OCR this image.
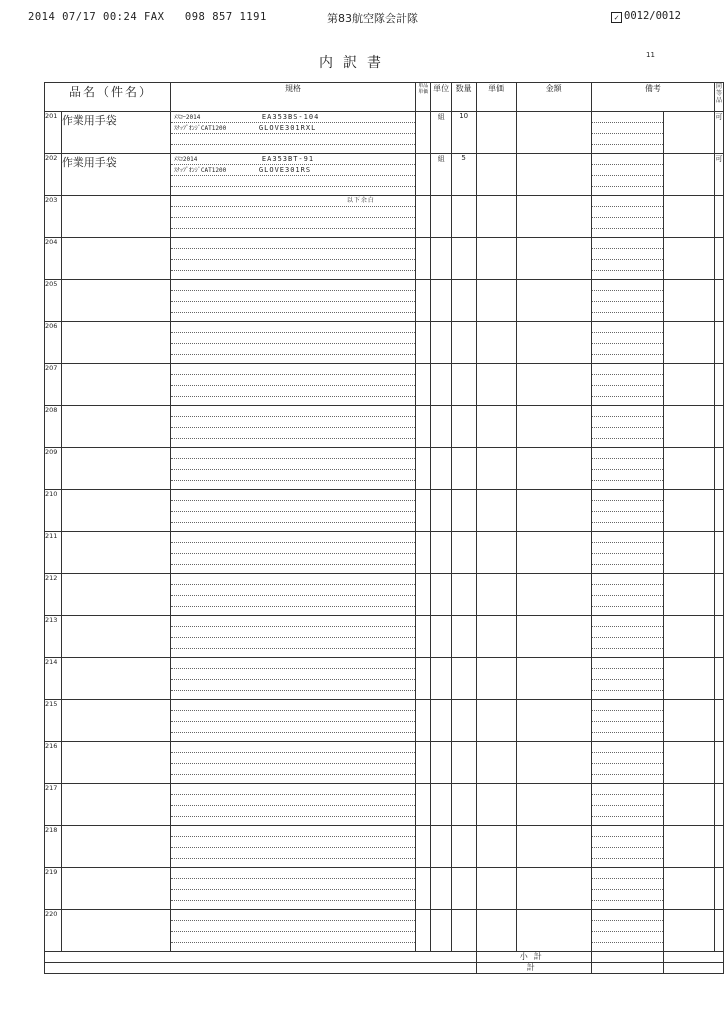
2014 07/17 00:24 FAX 098 857 1191	第83航空隊会計隊	✓ 0012/0012
内訳書	11
品名（件名）		規格	単品単価	単位	数量	単価	金額	備考		同等品
201	作業用手袋	ﾒｽｺｰ2014 EA353BS-104
ｽﾅｯﾌﾟｵﾝｼﾞCAT1200 GLOVE301RXL		組	10					可
202	作業用手袋	ﾒｽｺ2014 EA353BT-91
ｽﾅｯﾌﾟｵﾝｼﾞCAT1200 GLOVE301RS		組	5					可
203		以下余白								

204		

205		

206		

207		

208		

209		

210		

211		

212		

213		

214		

215		

216		

217		

218		

219		

220		

						小計				
						計				
